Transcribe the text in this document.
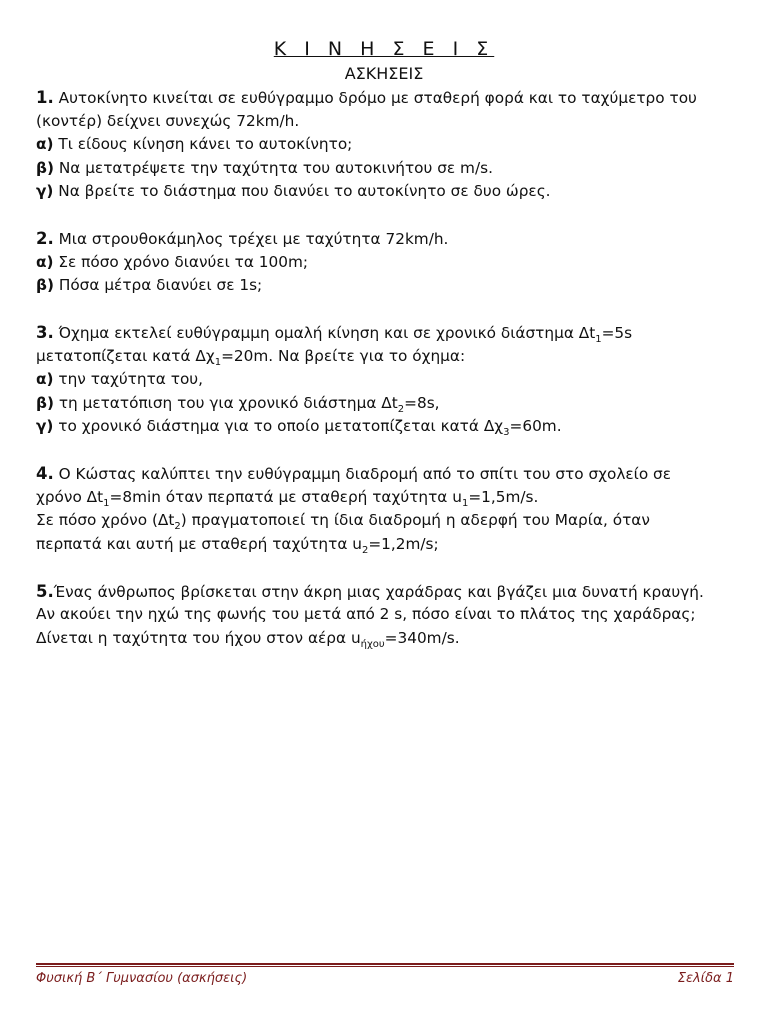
Κ Ι Ν Η Σ Ε Ι Σ
ΑΣΚΗΣΕΙΣ
1. Αυτοκίνητο κινείται σε ευθύγραμμο δρόμο με σταθερή φορά και το ταχύμετρο του
(κοντέρ) δείχνει συνεχώς 72km/h.
α) Τι είδους κίνηση κάνει το αυτοκίνητο;
β) Να μετατρέψετε την ταχύτητα του αυτοκινήτου σε m/s.
γ) Να βρείτε το διάστημα που διανύει το αυτοκίνητο σε δυο ώρες.
2. Μια στρουθοκάμηλος τρέχει με ταχύτητα 72km/h.
α) Σε πόσο χρόνο διανύει τα 100m;
β) Πόσα μέτρα διανύει σε 1s;
3. Όχημα εκτελεί ευθύγραμμη ομαλή κίνηση και σε χρονικό διάστημα $\Delta t_1=5s$
μετατοπίζεται κατά $\Delta\chi_1=20m$. Να βρείτε για το όχημα:
α) την ταχύτητα του,
β) τη μετατόπιση του για χρονικό διάστημα $\Delta t_2=8s$,
γ) το χρονικό διάστημα για το οποίο μετατοπίζεται κατά $\Delta\chi_3=60m$.
4. Ο Κώστας καλύπτει την ευθύγραμμη διαδρομή από το σπίτι του στο σχολείο σε
χρόνο $\Delta t_1=8\min$ όταν περπατά με σταθερή ταχύτητα $u_1=1,5m/s$.
Σε πόσο χρόνο $(\Delta t_2)$ πραγματοποιεί τη ίδια διαδρομή η αδερφή του Μαρία, όταν
περπατά και αυτή με σταθερή ταχύτητα $u_2=1,2m/s$;
5.Ένας άνθρωπος βρίσκεται στην άκρη μιας χαράδρας και βγάζει μια δυνατή κραυγή.
Αν ακούει την ηχώ της φωνής του μετά από 2 s, πόσο είναι το πλάτος της χαράδρας;
Δίνεται η ταχύτητα του ήχου στον αέρα $u_{ή\chi o\upsilon}=340m/s$.
Φυσική Β΄ Γυμνασίου (ασκήσεις)	Σελίδα 1
